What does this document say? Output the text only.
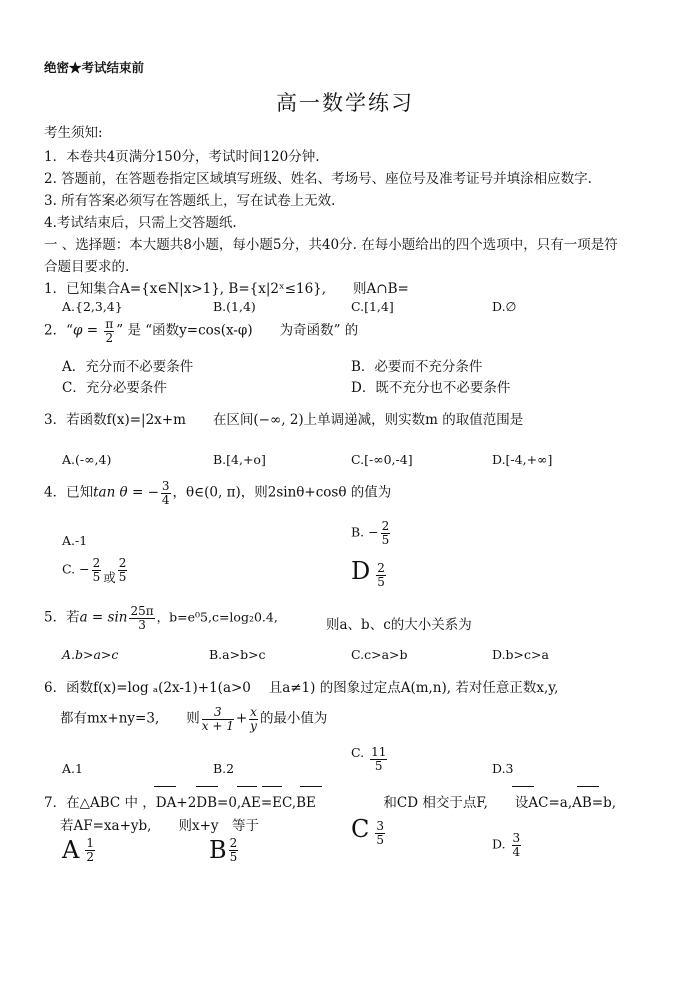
绝密★考试结束前
高一数学练习
考生须知:
1．本卷共4页满分150分，考试时间120分钟.
2. 答题前，在答题卷指定区域填写班级、姓名、考场号、座位号及准考证号并填涂相应数字.
3. 所有答案必须写在答题纸上，写在试卷上无效.
4.考试结束后，只需上交答题纸.
一 、选择题：本大题共8小题，每小题5分，共40分. 在每小题给出的四个选项中，只有一项是符
合题目要求的.
1．已知集合A={x∈N|x>1}, B={x|2ˣ≤16},　　则A∩B=
A.{2,3,4}	B.(1,4)	C.[1,4]	D.∅
2．“$\varphi = \frac{\pi}{2}$ ” 是 “函数y=cos(x-φ)　　为奇函数” 的
A．充分而不必要条件	B．必要而不充分条件
C．充分必要条件	D．既不充分也不必要条件
3．若函数f(x)=|2x+m　　在区间(−∞, 2)上单调递减，则实数m 的取值范围是
A.(-∞,4)	B.[4,+o]	C.[-∞0,-4]	D.[-4,+∞]
4．已知tan θ = − $\frac{3}{4}$ ，θ∈(0, π)，则2sinθ+cosθ 的值为
A.-1
B. − $\frac{2}{5}$
C. − $\frac{2}{5}$ 或 $\frac{2}{5}$	D $\frac{2}{5}$
5．若$a = \sin \frac{25\pi}{3}$ ，b=e⁰5,c=log₂0.4,	则a、b、c的大小关系为
A.b>a>c	B.a>b>c	C.c>a>b	D.b>c>a
6．函数f(x)=log ₐ(2x-1)+1(a>0　 且a≠1) 的图象过定点A(m,n), 若对任意正数x,y,
都有mx+ny=3,　　则 $\frac{3}{x + 1} + \frac{x}{y}$ 的最小值为
A.1	B.2
C. $\frac{11}{5}$	D.3
7．在△ABC 中 ，DA+2DB=0,AE=EC,BE　　　　　和CD 相交于点F,　　设AC=a,AB=b,
若AF=xa+yb,　　则x+y　等于
A $\frac{1}{2}$	B $\frac{2}{5}$
C $\frac{3}{5}$	D. $\frac{3}{4}$
